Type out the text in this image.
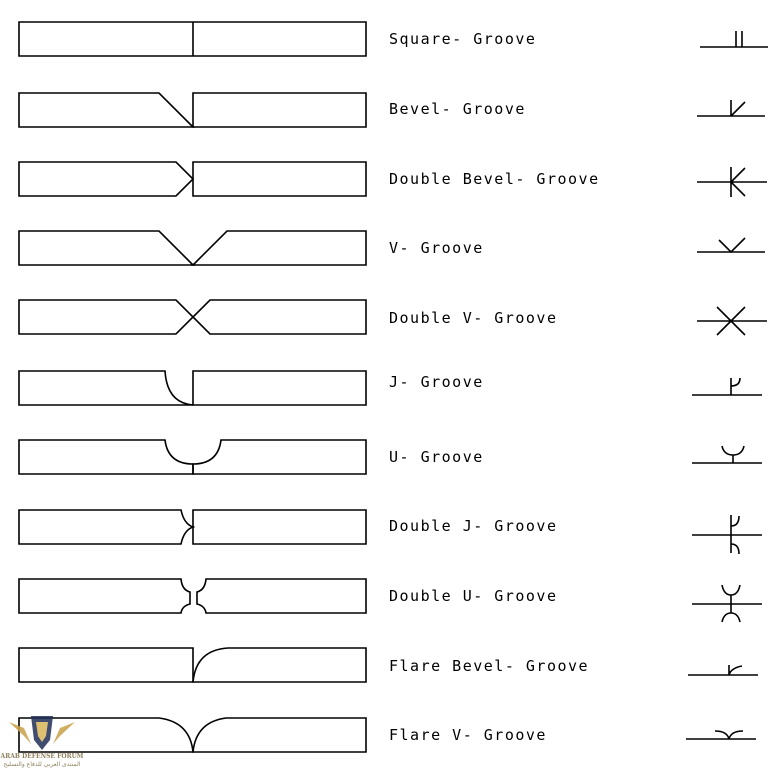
Square- Groove
Bevel- Groove
Double Bevel- Groove
V- Groove
Double V- Groove
J- Groove
U- Groove
Double J- Groove
Double U- Groove
Flare Bevel- Groove
Flare V- Groove
ARAB DEFENSE FORUM
المنتدى العربي للدفاع والتسليح
